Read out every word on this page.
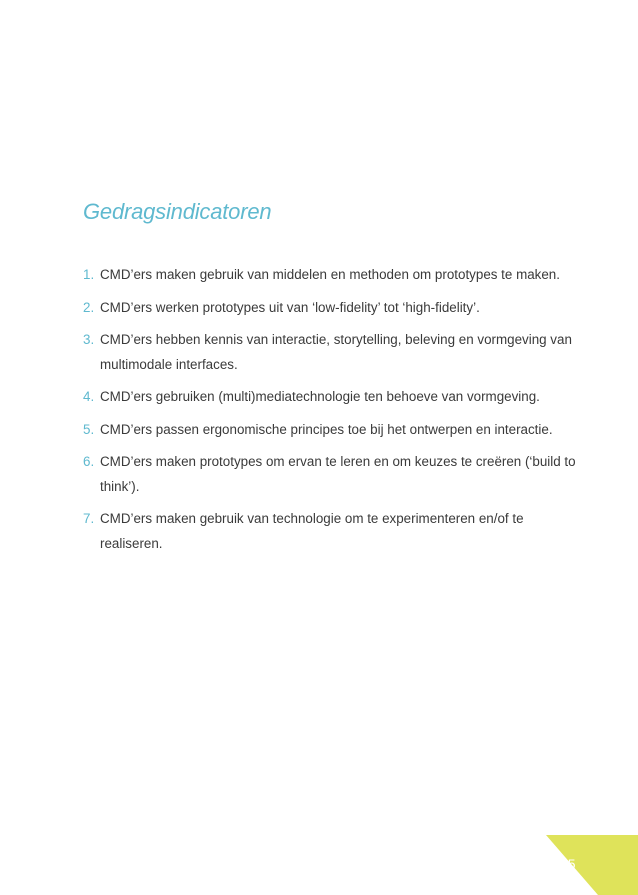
Gedragsindicatoren
1. CMD’ers maken gebruik van middelen en methoden om prototypes te maken.
2. CMD’ers werken prototypes uit van ‘low-fidelity’ tot ‘high-fidelity’.
3. CMD’ers hebben kennis van interactie, storytelling, beleving en vormgeving van multimodale interfaces.
4. CMD’ers gebruiken (multi)mediatechnologie ten behoeve van vormgeving.
5. CMD’ers passen ergonomische principes toe bij het ontwerpen en interactie.
6. CMD’ers maken prototypes om ervan te leren en om keuzes te creëren (‘build to think’).
7. CMD’ers maken gebruik van technologie om te experimenteren en/of te realiseren.
35
